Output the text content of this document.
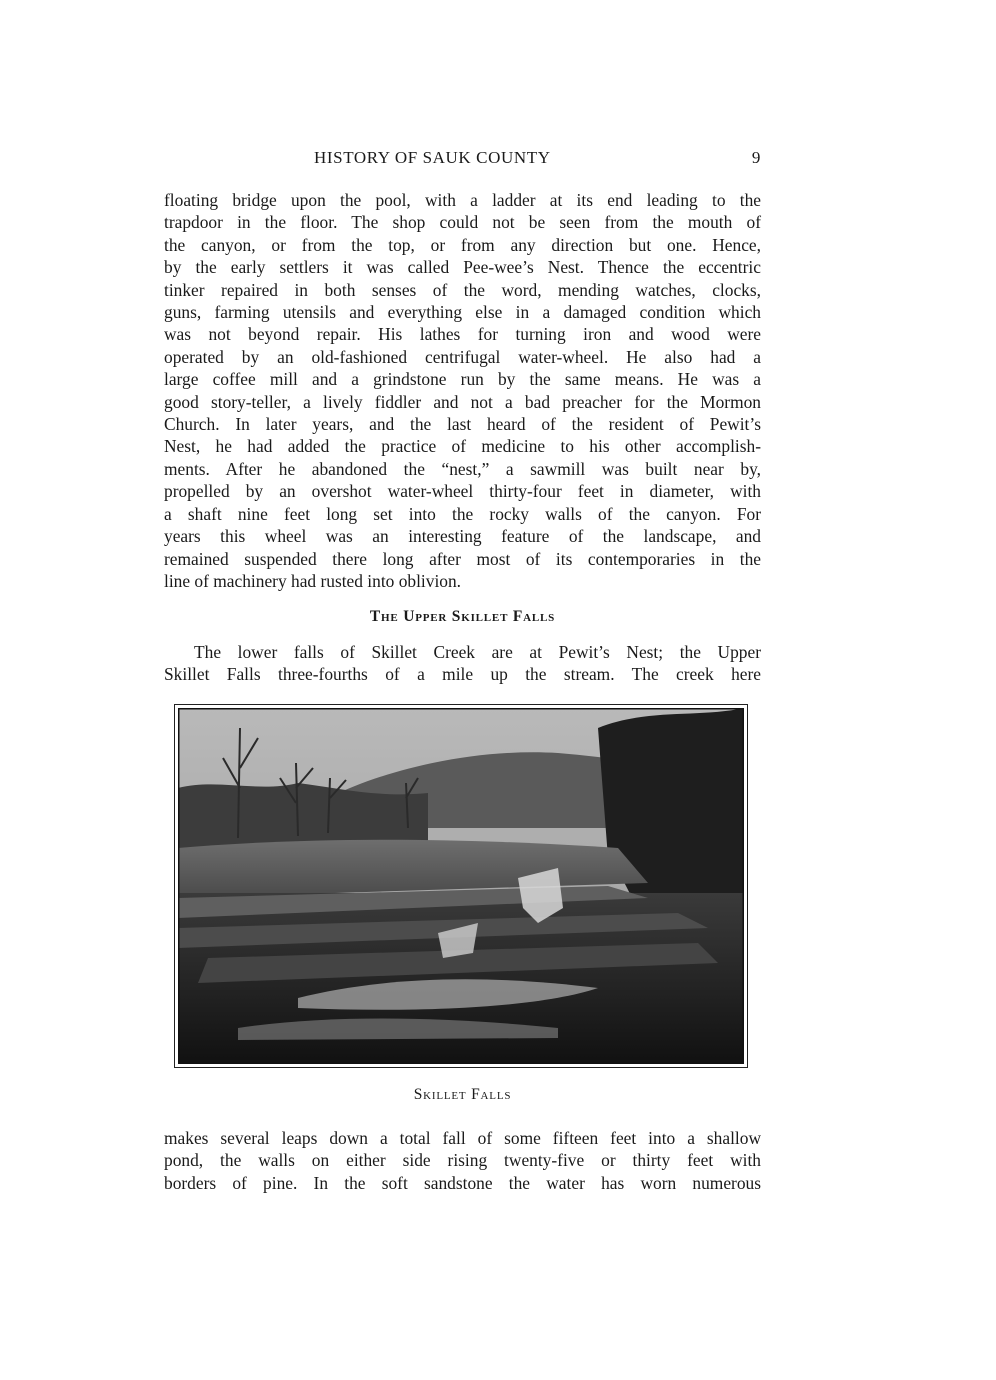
HISTORY OF SAUK COUNTY	9
floating bridge upon the pool, with a ladder at its end leading to the
trapdoor in the floor. The shop could not be seen from the mouth of
the canyon, or from the top, or from any direction but one. Hence,
by the early settlers it was called Pee-wee’s Nest. Thence the eccentric
tinker repaired in both senses of the word, mending watches, clocks,
guns, farming utensils and everything else in a damaged condition which
was not beyond repair. His lathes for turning iron and wood were
operated by an old-fashioned centrifugal water-wheel. He also had a
large coffee mill and a grindstone run by the same means. He was a
good story-teller, a lively fiddler and not a bad preacher for the Mormon
Church. In later years, and the last heard of the resident of Pewit’s
Nest, he had added the practice of medicine to his other accomplish-
ments. After he abandoned the “nest,” a sawmill was built near by,
propelled by an overshot water-wheel thirty-four feet in diameter, with
a shaft nine feet long set into the rocky walls of the canyon. For
years this wheel was an interesting feature of the landscape, and
remained suspended there long after most of its contemporaries in the
line of machinery had rusted into oblivion.
The Upper Skillet Falls
The lower falls of Skillet Creek are at Pewit’s Nest; the Upper
Skillet Falls three-fourths of a mile up the stream. The creek here

Skillet Falls

makes several leaps down a total fall of some fifteen feet into a shallow
pond, the walls on either side rising twenty-five or thirty feet with
borders of pine. In the soft sandstone the water has worn numerous
